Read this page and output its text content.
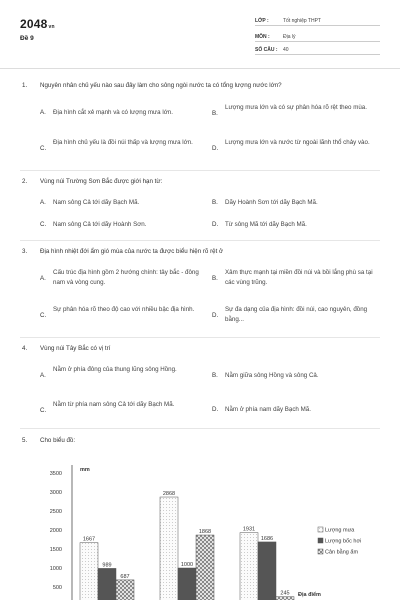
2048vn
Đề 9
LỚP :	Tốt nghiệp THPT
MÔN :	Địa lý
SỐ CÂU : 40
1. Nguyên nhân chủ yếu nào sau đây làm cho sông ngòi nước ta có tổng lượng nước lớn?
A. Địa hình cắt xẻ mạnh và có lượng mưa lớn.	B.
Lượng mưa lớn và có sự phân hóa rõ rệt theo mùa.
C.
Địa hình chủ yếu là đồi núi thấp và lượng mưa lớn.
D.
Lượng mưa lớn và nước từ ngoài lãnh thổ chảy vào.
2. Vùng núi Trường Sơn Bắc được giới hạn từ:
A. Nam sông Cả tới dãy Bạch Mã.	B. Dãy Hoành Sơn tới dãy Bạch Mã.
C. Nam sông Cả tới dãy Hoành Sơn.	D. Từ sông Mã tới dãy Bạch Mã.
3. Địa hình nhiệt đới ẩm gió mùa của nước ta được biểu hiện rõ rệt ở
A.
Cấu trúc địa hình gồm 2 hướng chính: tây bắc - đông nam và vòng cung.
B.
Xâm thực mạnh tại miền đồi núi và bồi lắng phù sa tại các vùng trũng.
C.
Sự phân hóa rõ theo độ cao với nhiều bậc địa hình.
D.
Sự đa dạng của địa hình: đồi núi, cao nguyên, đồng bằng...
4. Vùng núi Tây Bắc có vị trí
A.
Nằm ở phía đông của thung lũng sông Hồng.
B. Nằm giữa sông Hồng và sông Cả.
C.
Nằm từ phía nam sông Cả tới dãy Bạch Mã.
D. Nằm ở phía nam dãy Bạch Mã.
5. Cho biểu đồ:
3500
3000
2500
2000
1500
1000
500
mm
1667
2868
1931
989	1000
1686
687
1868
245 Địa điểm
Lượng mưa
Lượng bốc hơi
Cân bằng ẩm
